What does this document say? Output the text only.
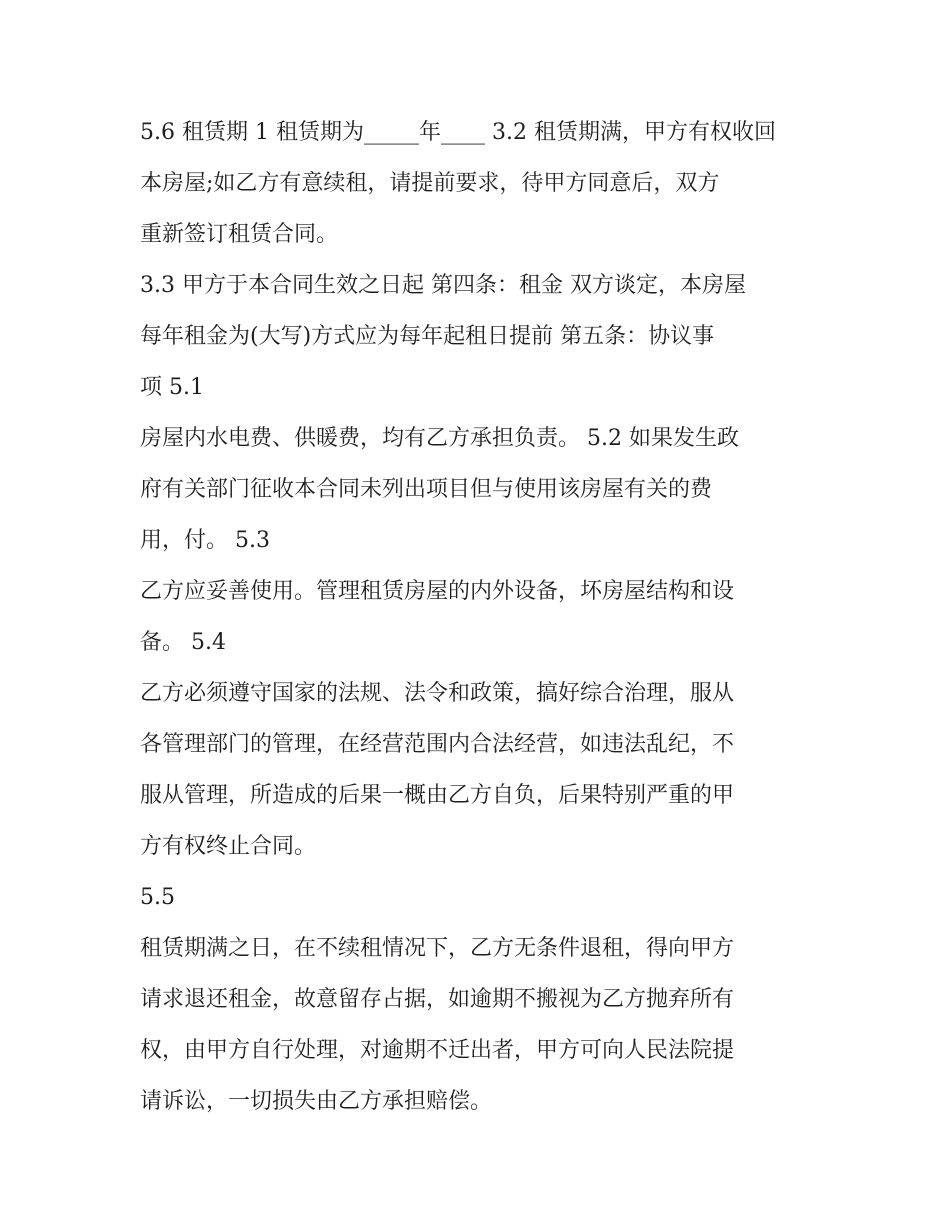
5.6 租赁期 1 租赁期为_____年____ 3.2 租赁期满，甲方有权收回
本房屋;如乙方有意续租，请提前要求，待甲方同意后，双方
重新签订租赁合同。
3.3 甲方于本合同生效之日起 第四条：租金 双方谈定，本房屋
每年租金为(大写)方式应为每年起租日提前 第五条：协议事
项 5.1
房屋内水电费、供暖费，均有乙方承担负责。 5.2 如果发生政
府有关部门征收本合同未列出项目但与使用该房屋有关的费
用，付。 5.3
乙方应妥善使用。管理租赁房屋的内外设备，坏房屋结构和设
备。 5.4
乙方必须遵守国家的法规、法令和政策，搞好综合治理，服从
各管理部门的管理，在经营范围内合法经营，如违法乱纪，不
服从管理，所造成的后果一概由乙方自负，后果特别严重的甲
方有权终止合同。
5.5
租赁期满之日，在不续租情况下，乙方无条件退租，得向甲方
请求退还租金，故意留存占据，如逾期不搬视为乙方抛弃所有
权，由甲方自行处理，对逾期不迁出者，甲方可向人民法院提
请诉讼，一切损失由乙方承担赔偿。
